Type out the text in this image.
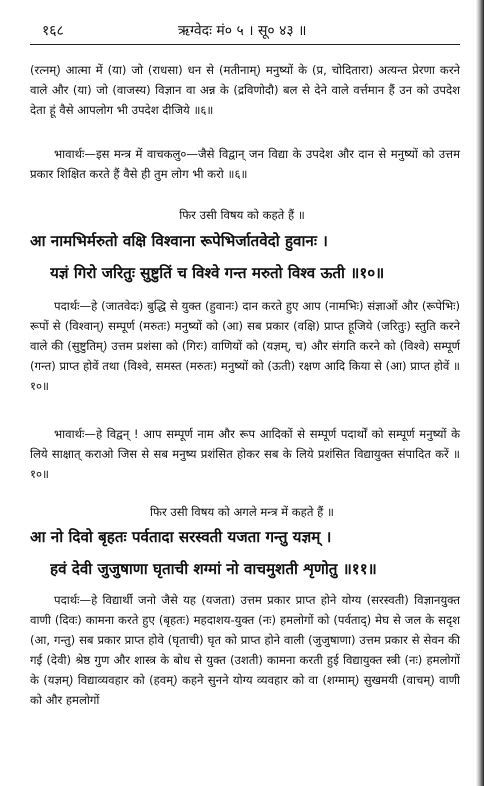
१६८	ऋग्वेदः मं० ५ । सू० ४३ ॥
(रत्नम्) आत्मा में (या) जो (राधसा) धन से (मतीनाम्) मनुष्यों के (प्र, चोदितारा) अत्यन्त प्रेरणा करने वाले और (या) जो (वाजस्य) विज्ञान वा अन्न के (द्रविणोदौ) बल से देने वाले वर्त्तमान हैं उन को उपदेश देता हूं वैसे आपलोग भी उपदेश दीजिये ॥६॥
भावार्थः—इस मन्त्र में वाचकलु०—जैसे विद्वान् जन विद्या के उपदेश और दान से मनुष्यों को उत्तम प्रकार शिक्षित करते हैं वैसे ही तुम लोग भी करो ॥६॥
फिर उसी विषय को कहते हैं ॥
आ नामभिर्मरुतो वक्षि विश्वाना रूपेभिर्जातवेदो हुवानः ।
यज्ञं गिरो जरितुः सुष्टुतिं च विश्वे गन्त मरुतो विश्व ऊती ॥१०॥
पदार्थः—हे (जातवेदः) बुद्धि से युक्त (हुवानः) दान करते हुए आप (नामभिः) संज्ञाओं और (रूपेभिः) रूपों से (विश्वान्) सम्पूर्ण (मरुतः) मनुष्यों को (आ) सब प्रकार (वक्षि) प्राप्त हूजिये (जरितुः) स्तुति करने वाले की (सुष्टुतिम्) उत्तम प्रशंसा को (गिरः) वाणियों को (यज्ञम्, च) और संगति करने को (विश्वे) सम्पूर्ण (गन्त) प्राप्त होवें तथा (विश्वे, समस्त (मरुतः) मनुष्यों को (ऊती) रक्षण आदि किया से (आ) प्राप्त होवें ॥१०॥
भावार्थः—हे विद्वन् ! आप सम्पूर्ण नाम और रूप आदिकों से सम्पूर्ण पदार्थों को सम्पूर्ण मनुष्यों के लिये साक्षात् कराओ जिस से सब मनुष्य प्रशंसित होकर सब के लिये प्रशंसित विद्यायुक्त संपादित करें ॥१०॥
फिर उसी विषय को अगले मन्त्र में कहते हैं ॥
आ नो दिवो बृहतः पर्वतादा सरस्वती यजता गन्तु यज्ञम् ।
हवं देवी जुजुषाणा घृताची शग्मां नो वाचमुशती शृणोतु ॥११॥
पदार्थः—हे विद्यार्थी जनो जैसे यह (यजता) उत्तम प्रकार प्राप्त होने योग्य (सरस्वती) विज्ञानयुक्त वाणी (दिवः) कामना करते हुए (बृहतः) महदाशय-युक्त (नः) हमलोगों को (पर्वताद्) मेघ से जल के सदृश (आ, गन्तु) सब प्रकार प्राप्त होवे (घृताची) घृत को प्राप्त होने वाली (जुजुषाणा) उत्तम प्रकार से सेवन की गई (देवी) श्रेष्ठ गुण और शास्त्र के बोध से युक्त (उशती) कामना करती हुई विद्यायुक्त स्त्री (नः) हमलोगों के (यज्ञम्) विद्याव्यवहार को (हवम्) कहने सुनने योग्य व्यवहार को वा (शग्माम्) सुखमयी (वाचम्) वाणी को और हमलोगों
